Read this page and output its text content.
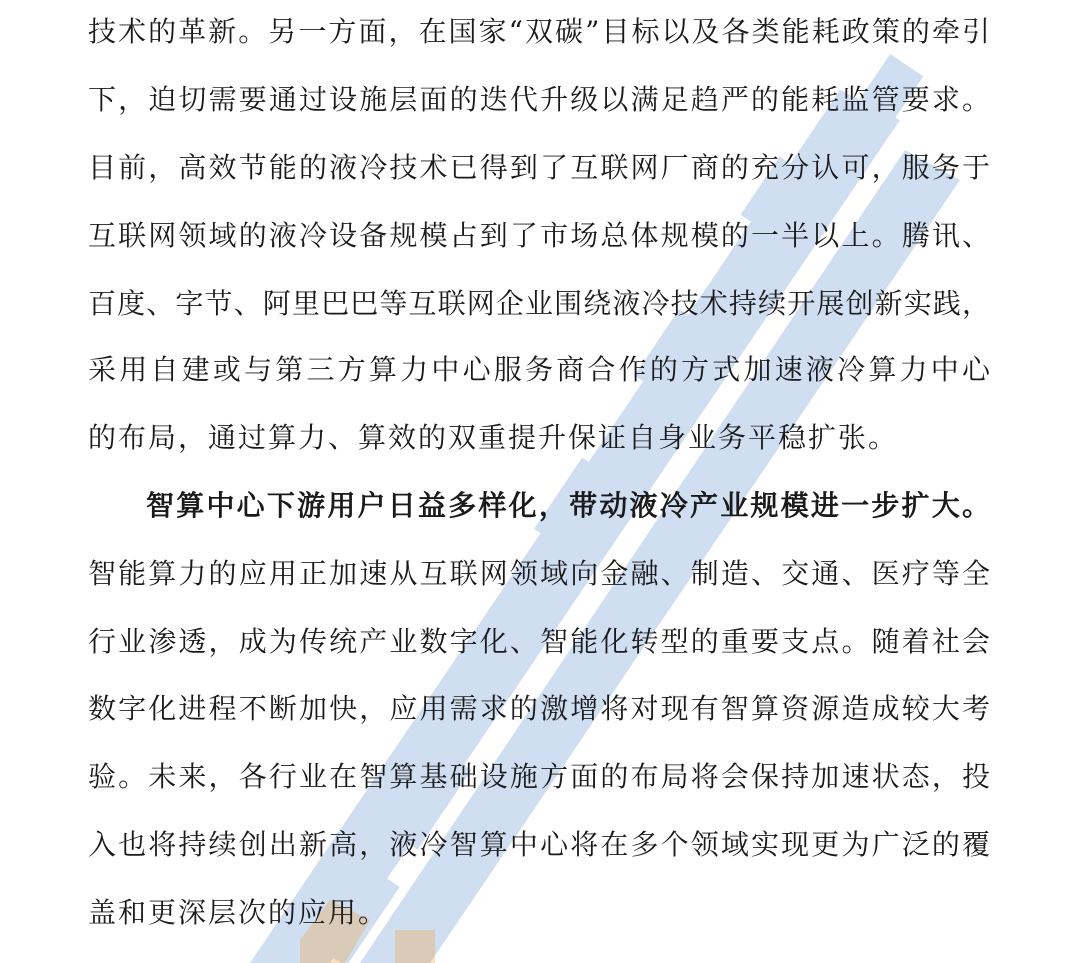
技术的革新。另一方面，在国家“双碳”目标以及各类能耗政策的牵引
下，迫切需要通过设施层面的迭代升级以满足趋严的能耗监管要求。
目前，高效节能的液冷技术已得到了互联网厂商的充分认可，服务于
互联网领域的液冷设备规模占到了市场总体规模的一半以上。腾讯、
百度、字节、阿里巴巴等互联网企业围绕液冷技术持续开展创新实践，
采用自建或与第三方算力中心服务商合作的方式加速液冷算力中心
的布局，通过算力、算效的双重提升保证自身业务平稳扩张。
智算中心下游用户日益多样化，带动液冷产业规模进一步扩大。
智能算力的应用正加速从互联网领域向金融、制造、交通、医疗等全
行业渗透，成为传统产业数字化、智能化转型的重要支点。随着社会
数字化进程不断加快，应用需求的激增将对现有智算资源造成较大考
验。未来，各行业在智算基础设施方面的布局将会保持加速状态，投
入也将持续创出新高，液冷智算中心将在多个领域实现更为广泛的覆
盖和更深层次的应用。
